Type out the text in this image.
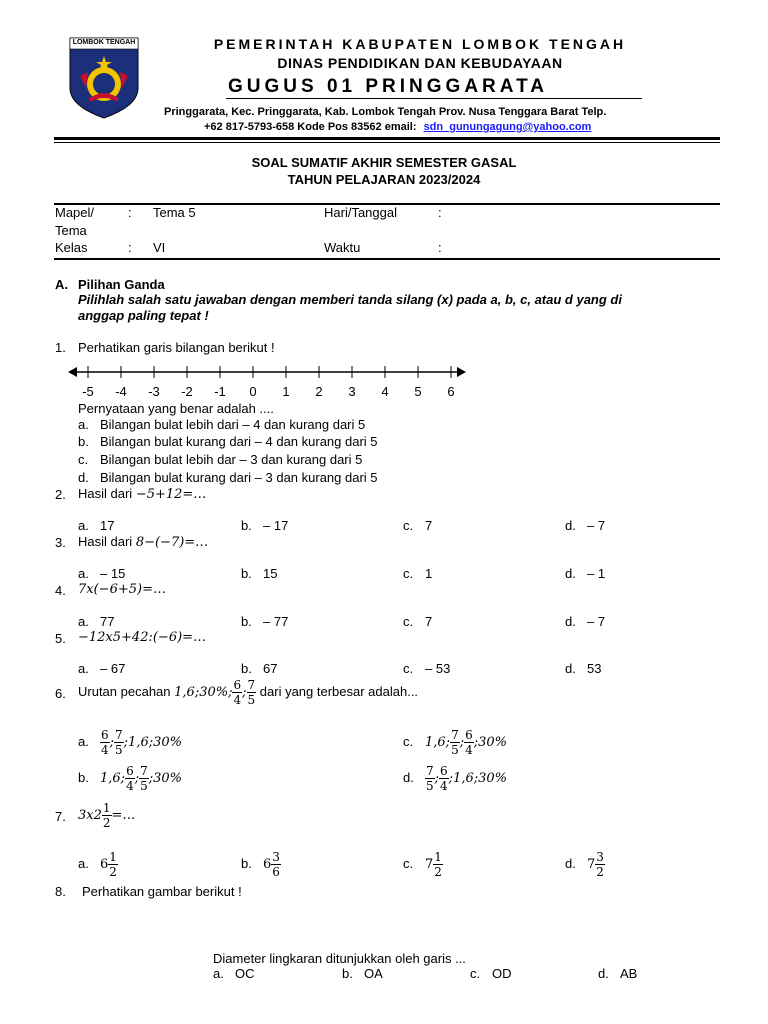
LOMBOK TENGAH	PEMERINTAH KABUPATEN LOMBOK TENGAH
DINAS PENDIDIKAN DAN KEBUDAYAAN
GUGUS 01 PRINGGARATA
Pringgarata, Kec. Pringgarata, Kab. Lombok Tengah Prov. Nusa Tenggara Barat Telp.
+62 817-5793-658 Kode Pos 83562 email: sdn_gunungagung@yahoo.com
SOAL SUMATIF AKHIR SEMESTER GASAL
TAHUN PELAJARAN 2023/2024
Mapel/
Tema
: Tema 5	Hari/Tanggal	:
Kelas	: VI	Waktu	:
A. Pilihan Ganda
Pilihlah salah satu jawaban dengan memberi tanda silang (x) pada a, b, c, atau d yang di
anggap paling tepat !
1. Perhatikan garis bilangan berikut !
-5 -4 -3 -2 -1 0 1 2 3 4 5 6
Pernyataan yang benar adalah ....
a. Bilangan bulat lebih dari – 4 dan kurang dari 5
b. Bilangan bulat kurang dari – 4 dan kurang dari 5
c. Bilangan bulat lebih dar – 3 dan kurang dari 5
d. Bilangan bulat kurang dari – 3 dan kurang dari 5
2. Hasil dari −5+12=…
a. 17	b. – 17	c. 7	d. – 7
3. Hasil dari 8−(−7)=…
a. – 15	b. 15	c. 1	d. – 1
4. 7x(−6+5)=…
a. 77	b. – 77	c. 7	d. – 7
5. −12x5+42:(−6)=…
a. – 67	b. 67	c. – 53	d. 53
6. Urutan pecahan 1,6;30%; $\frac{6}{4}$ ; $\frac{7}{5}$ dari yang terbesar adalah...
a. $\frac{6}{4}$ ; $\frac{7}{5}$ ;1,6;30%
b. 1,6; $\frac{6}{4}$ ; $\frac{7}{5}$ ;30%
c. 1,6; $\frac{7}{5}$ ; $\frac{6}{4}$ ;30%
d. $\frac{7}{5}$ ; $\frac{6}{4}$ ;1,6;30%
7. $3x2 \frac{1}{2}$ =…
a. $6 \frac{1}{2}$	b. $6 \frac{3}{6}$	c. $7 \frac{1}{2}$	d. $7 \frac{3}{2}$
8. Perhatikan gambar berikut !
Diameter lingkaran ditunjukkan oleh garis ...
a. OC	b. OA	c. OD	d. AB
